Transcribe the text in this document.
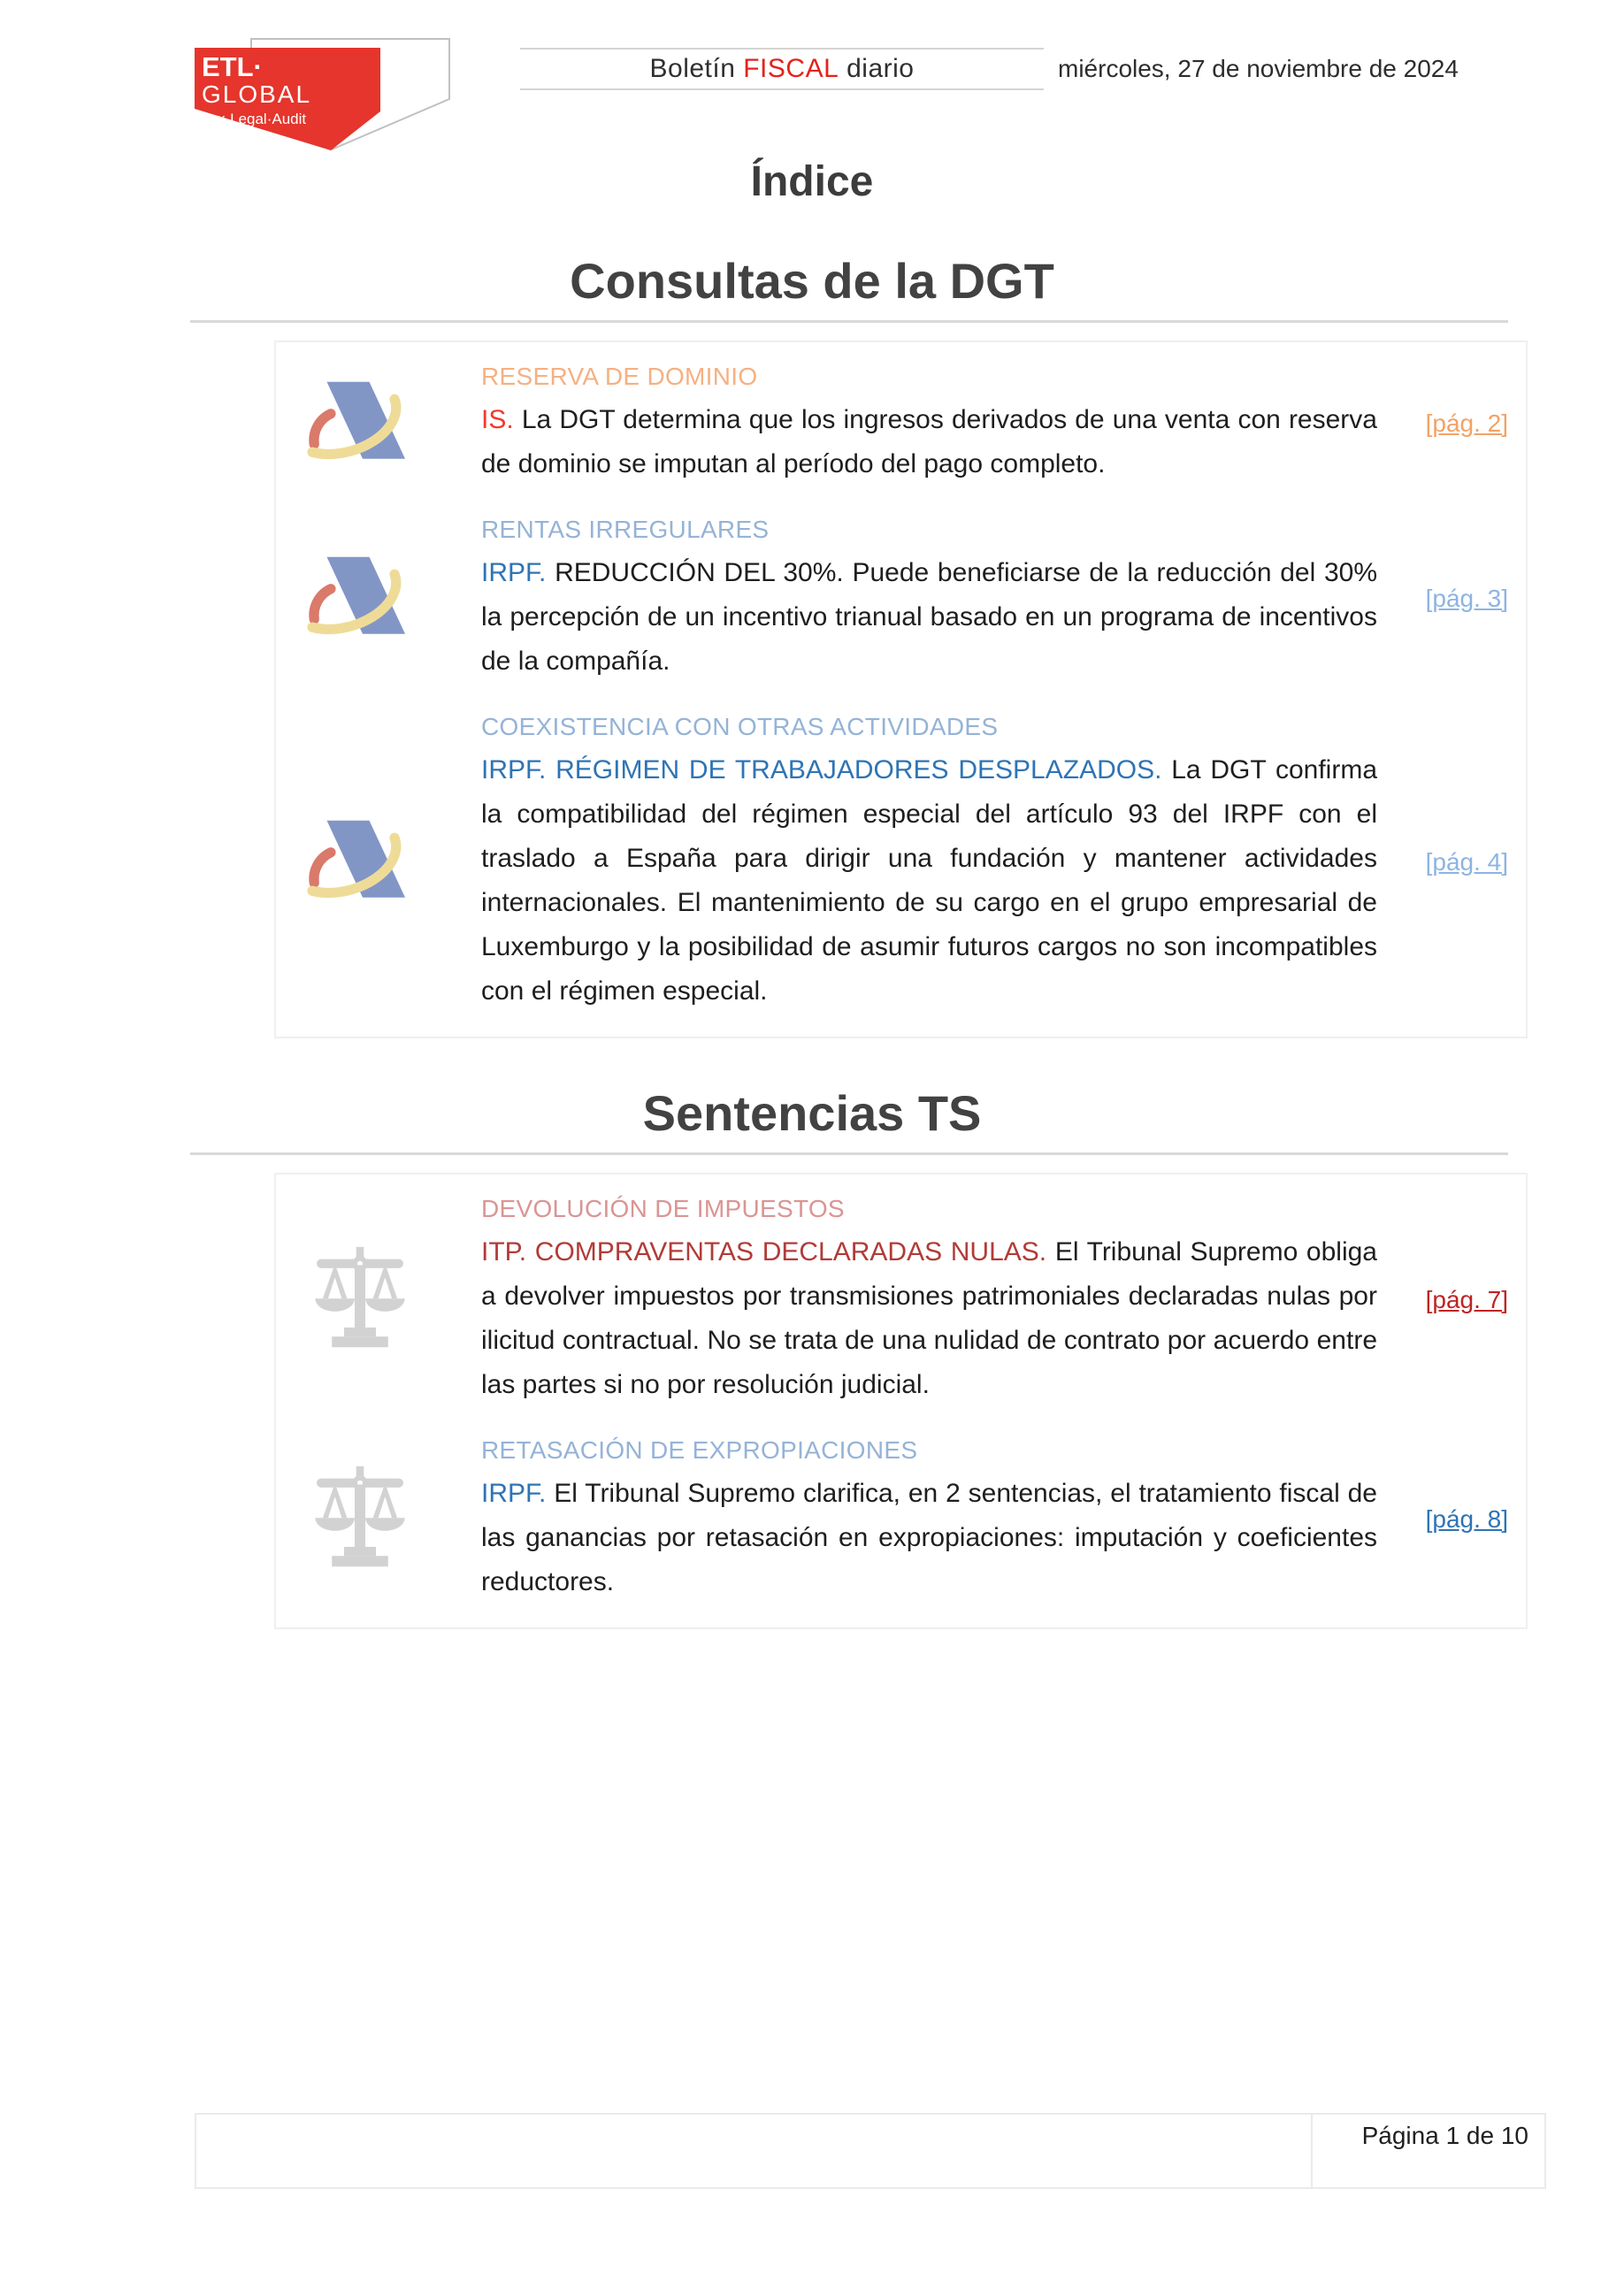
ETL·
GLOBAL
Tax·Legal·Audit
Boletín FISCAL diario	miércoles, 27 de noviembre de 2024
Índice
Consultas de la DGT
RESERVA DE DOMINIO

IS. La DGT determina que los ingresos derivados de una venta con reserva de dominio se imputan al período del pago completo.

[pág. 2]
RENTAS IRREGULARES

IRPF. REDUCCIÓN DEL 30%. Puede beneficiarse de la reducción del 30% la percepción de un incentivo trianual basado en un programa de incentivos de la compañía.

[pág. 3]
COEXISTENCIA CON OTRAS ACTIVIDADES

IRPF. RÉGIMEN DE TRABAJADORES DESPLAZADOS. La DGT confirma la compatibilidad del régimen especial del artículo 93 del IRPF con el traslado a España para dirigir una fundación y mantener actividades internacionales. El mantenimiento de su cargo en el grupo empresarial de Luxemburgo y la posibilidad de asumir futuros cargos no son incompatibles con el régimen especial.

[pág. 4]
Sentencias TS
DEVOLUCIÓN DE IMPUESTOS

ITP. COMPRAVENTAS DECLARADAS NULAS. El Tribunal Supremo obliga a devolver impuestos por transmisiones patrimoniales declaradas nulas por ilicitud contractual. No se trata de una nulidad de contrato por acuerdo entre las partes si no por resolución judicial.

[pág. 7]
RETASACIÓN DE EXPROPIACIONES

IRPF. El Tribunal Supremo clarifica, en 2 sentencias, el tratamiento fiscal de las ganancias por retasación en expropiaciones: imputación y coeficientes reductores.

[pág. 8]
Página 1 de 10
